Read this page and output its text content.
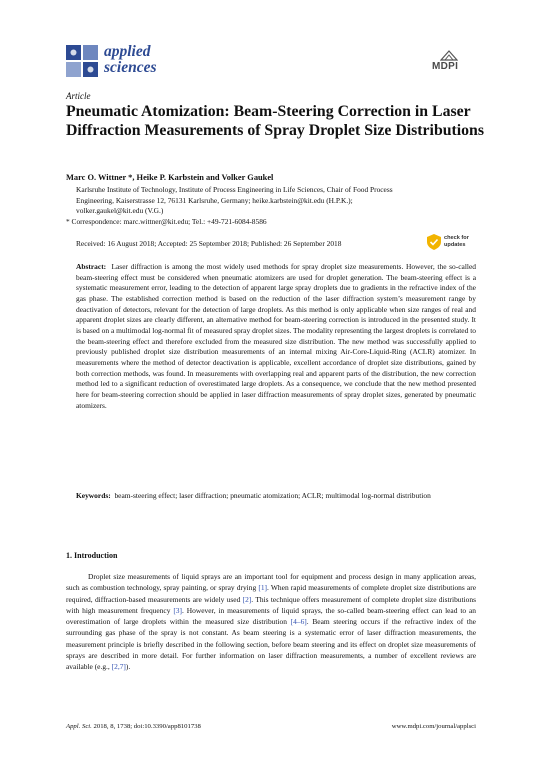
applied
sciences	MDPI
Article
Pneumatic Atomization: Beam-Steering Correction in Laser Diffraction Measurements of Spray Droplet Size Distributions
Marc O. Wittner *, Heike P. Karbstein and Volker Gaukel
Karlsruhe Institute of Technology, Institute of Process Engineering in Life Sciences, Chair of Food Process
Engineering, Kaiserstrasse 12, 76131 Karlsruhe, Germany; heike.karbstein@kit.edu (H.P.K.);
volker.gaukel@kit.edu (V.G.)
* Correspondence: marc.wittner@kit.edu; Tel.: +49-721-6084-8586
Received: 16 August 2018; Accepted: 25 September 2018; Published: 26 September 2018
check for
updates

Abstract: Laser diffraction is among the most widely used methods for spray droplet size measurements. However, the so-called beam-steering effect must be considered when pneumatic atomizers are used for droplet generation. The beam-steering effect is a systematic measurement error, leading to the detection of apparent large spray droplets due to gradients in the refractive index of the gas phase. The established correction method is based on the reduction of the laser diffraction system’s measurement range by deactivation of detectors, relevant for the detection of large droplets. As this method is only applicable when size ranges of real and apparent droplet sizes are clearly different, an alternative method for beam-steering correction is introduced in the presented study. It is based on a multimodal log-normal fit of measured spray droplet sizes. The modality representing the largest droplets is correlated to the beam-steering effect and therefore excluded from the measured size distribution. The new method was successfully applied to previously published droplet size distribution measurements of an internal mixing Air-Core-Liquid-Ring (ACLR) atomizer. In measurements where the method of detector deactivation is applicable, excellent accordance of droplet size distributions, gained by both correction methods, was found. In measurements with overlapping real and apparent parts of the distribution, the new correction method led to a significant reduction of overestimated large droplets. As a consequence, we conclude that the new method presented here for beam-steering correction should be applied in laser diffraction measurements of spray droplet sizes, generated by pneumatic atomizers.

Keywords: beam-steering effect; laser diffraction; pneumatic atomization; ACLR; multimodal log-normal distribution

1. Introduction

Droplet size measurements of liquid sprays are an important tool for equipment and process design in many application areas, such as combustion technology, spray painting, or spray drying [1]. When rapid measurements of complete droplet size distributions are required, diffraction-based measurements are widely used [2]. This technique offers measurement of complete droplet size distributions with high measurement frequency [3]. However, in measurements of liquid sprays, the so-called beam-steering effect can lead to an overestimation of large droplets within the measured size distribution [4–6]. Beam steering occurs if the refractive index of the surrounding gas phase of the spray is not constant. As beam steering is a systematic error of laser diffraction measurements, the measurement principle is briefly described in the following section, before beam steering and its effect on droplet size measurements of sprays are described in more detail. For further information on laser diffraction measurements, a number of excellent reviews are available (e.g., [2,7]).

Appl. Sci. 2018, 8, 1738; doi:10.3390/app8101738	www.mdpi.com/journal/applsci
